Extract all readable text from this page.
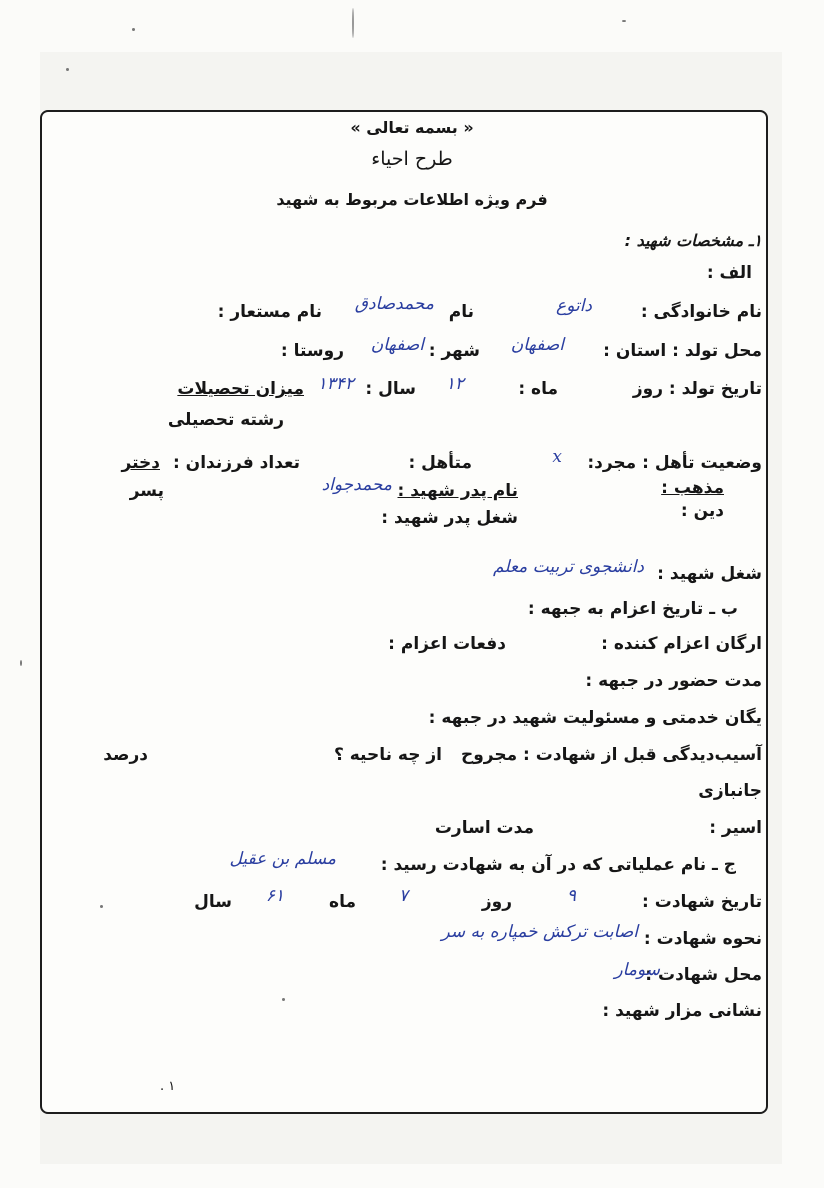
« بسمه تعالی »
طرح احیاء
فرم ویژه اطلاعات مربوط به شهید
۱ـ مشخصات شهید :
الف :
نام خانوادگی :
داتوع
نام
محمدصادق
نام مستعار :
محل تولد : استان :
اصفهان
شهر :
اصفهان
روستا :
تاریخ تولد : روز
ماه :
۱۲
سال :
۱۳۴۲
میزان تحصیلات
رشته تحصیلی
وضعیت تأهل : مجرد:
x
متأهل :
تعداد فرزندان :
دختر
پسر	مذهب :
دین :
نام پدر شهید :
محمدجواد
شغل پدر شهید :
شغل شهید :
دانشجوی تربیت معلم
ب ـ تاریخ اعزام به جبهه :
ارگان اعزام کننده :
دفعات اعزام :
مدت حضور در جبهه :
یگان خدمتی و مسئولیت شهید در جبهه :
آسیب‌دیدگی قبل از شهادت : مجروح
از چه ناحیه ؟
درصد
جانبازی
اسیر :
مدت اسارت
ج ـ نام عملیاتی که در آن به شهادت رسید :
مسلم بن عقیل
تاریخ شهادت :
۹
روز
۷
ماه
۶۱
سال
نحوه شهادت :
اصابت ترکش خمپاره به سر
محل شهادت :
سومار
نشانی مزار شهید :
۱ .
